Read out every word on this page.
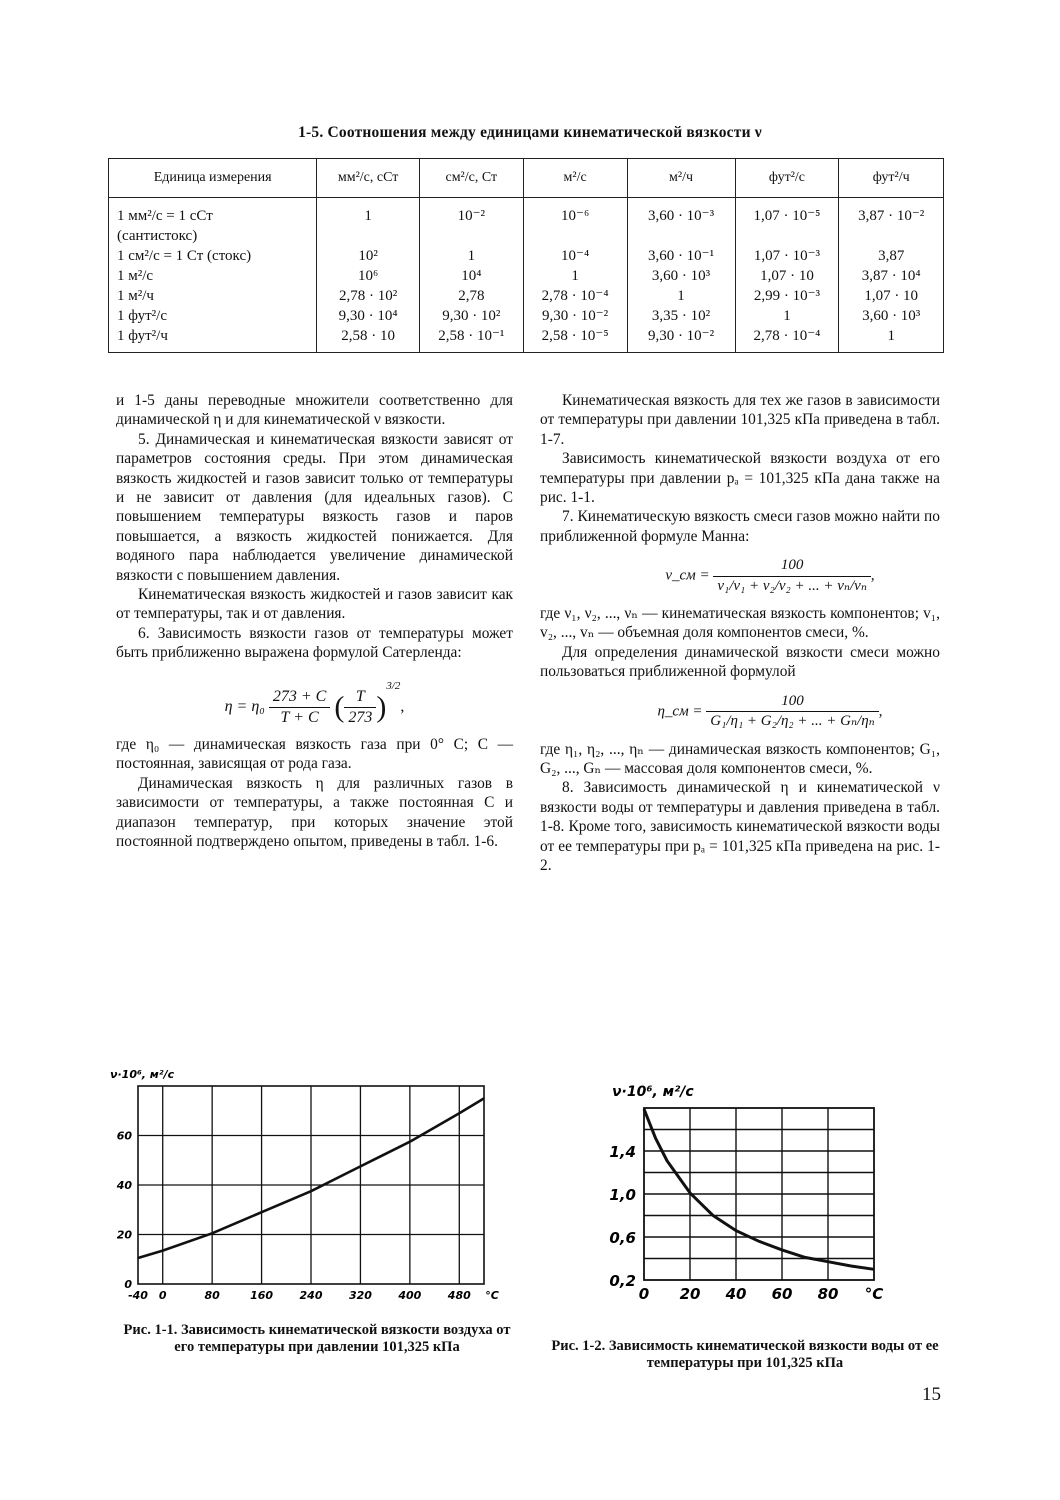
1-5. Соотношения между единицами кинематической вязкости ν
Единица измерения	мм²/с, сСт	см²/с, Ст	м²/с	м²/ч	фут²/с	фут²/ч
1 мм²/с = 1 сСт	1	10⁻²	10⁻⁶	3,60 · 10⁻³	1,07 · 10⁻⁵	3,87 · 10⁻²
(сантистокс)						
1 см²/с = 1 Ст (стокс)	10²	1	10⁻⁴	3,60 · 10⁻¹	1,07 · 10⁻³	3,87
1 м²/с	10⁶	10⁴	1	3,60 · 10³	1,07 · 10	3,87 · 10⁴
1 м²/ч	2,78 · 10²	2,78	2,78 · 10⁻⁴	1	2,99 · 10⁻³	1,07 · 10
1 фут²/с	9,30 · 10⁴	9,30 · 10²	9,30 · 10⁻²	3,35 · 10²	1	3,60 · 10³
1 фут²/ч	2,58 · 10	2,58 · 10⁻¹	2,58 · 10⁻⁵	9,30 · 10⁻²	2,78 · 10⁻⁴	1

и 1-5 даны переводные множители соответственно для динамической η и для кинематической ν вязкости.

5. Динамическая и кинематическая вязкости зависят от параметров состояния среды. При этом динамическая вязкость жидкостей и газов зависит только от температуры и не зависит от давления (для идеальных газов). С повышением температуры вязкость газов и паров повышается, а вязкость жидкостей понижается. Для водяного пара наблюдается увеличение динамической вязкости с повышением давления.

Кинематическая вязкость жидкостей и газов зависит как от температуры, так и от давления.

6. Зависимость вязкости газов от температуры может быть приближенно выражена формулой Сатерленда:

$\eta = \eta_0 \frac{273 + C}{T + C}$ ( $\frac{T}{273} )^{3/2}$,

где η₀ — динамическая вязкость газа при 0° C; C — постоянная, зависящая от рода газа.

Динамическая вязкость η для различных газов в зависимости от температуры, а также постоянная C и диапазон температур, при которых значение этой постоянной подтверждено опытом, приведены в табл. 1-6.

Кинематическая вязкость для тех же газов в зависимости от температуры при давлении 101,325 кПа приведена в табл. 1-7.

Зависимость кинематической вязкости воздуха от его температуры при давлении pₐ = 101,325 кПа дана также на рис. 1-1.

7. Кинематическую вязкость смеси газов можно найти по приближенной формуле Манна:

ν_см = $\frac{100}{\text{v₁/ν₁ + v₂/ν₂ + ... + vₙ/νₙ}}$ ,

где ν₁, ν₂, ..., νₙ — кинематическая вязкость компонентов; v₁, v₂, ..., vₙ — объемная доля компонентов смеси, %.

Для определения динамической вязкости смеси можно пользоваться приближенной формулой

η_см = $\frac{100}{\text{G₁/η₁ + G₂/η₂ + ... + Gₙ/ηₙ}}$ ,

где η₁, η₂, ..., ηₙ — динамическая вязкость компонентов; G₁, G₂, ..., Gₙ — массовая доля компонентов смеси, %.

8. Зависимость динамической η и кинематической ν вязкости воды от температуры и давления приведена в табл. 1-8. Кроме того, зависимость кинематической вязкости воды от ее температуры при pₐ = 101,325 кПа приведена на рис. 1-2.

-40 0	80	160 240 320 400 480
0
20
40
60
°C
ν·10⁶, м²/с
Рис. 1-1. Зависимость кинематической вязкости воздуха от его температуры при давлении 101,325 кПа
0 20 40 60 80 °C
0,2
0,6
1,0
1,4
ν·10⁶, м²/с
Рис. 1-2. Зависимость кинематической вязкости воды от ее температуры при 101,325 кПа
15
